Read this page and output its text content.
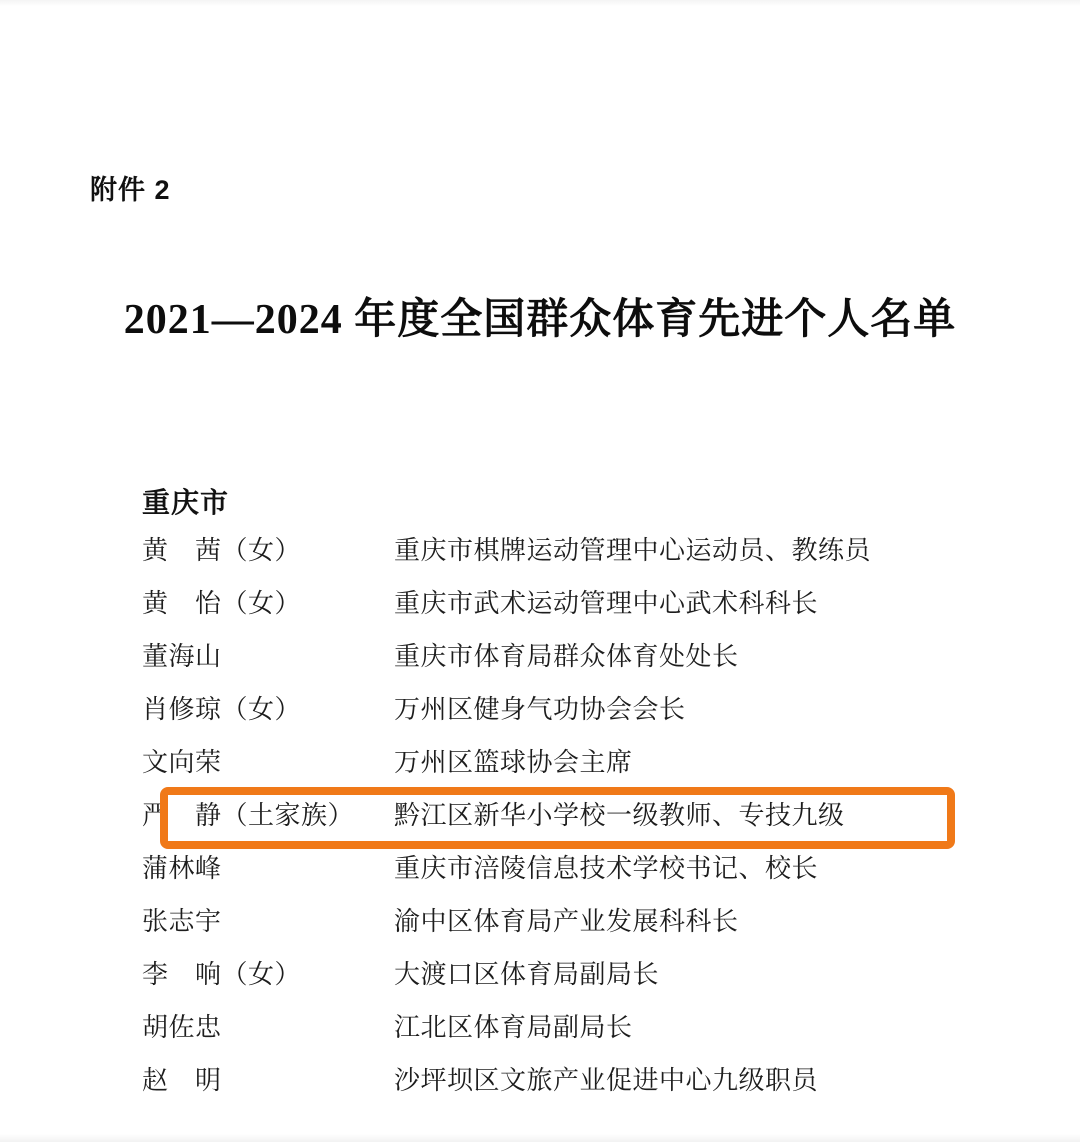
附件 2
2021—2024 年度全国群众体育先进个人名单
重庆市
黄　茜（女）	重庆市棋牌运动管理中心运动员、教练员
黄　怡（女）	重庆市武术运动管理中心武术科科长
董海山	重庆市体育局群众体育处处长
肖修琼（女）	万州区健身气功协会会长
文向荣	万州区篮球协会主席
严　静（土家族）	黔江区新华小学校一级教师、专技九级
蒲林峰	重庆市涪陵信息技术学校书记、校长
张志宇	渝中区体育局产业发展科科长
李　响（女）	大渡口区体育局副局长
胡佐忠	江北区体育局副局长
赵　明	沙坪坝区文旅产业促进中心九级职员
